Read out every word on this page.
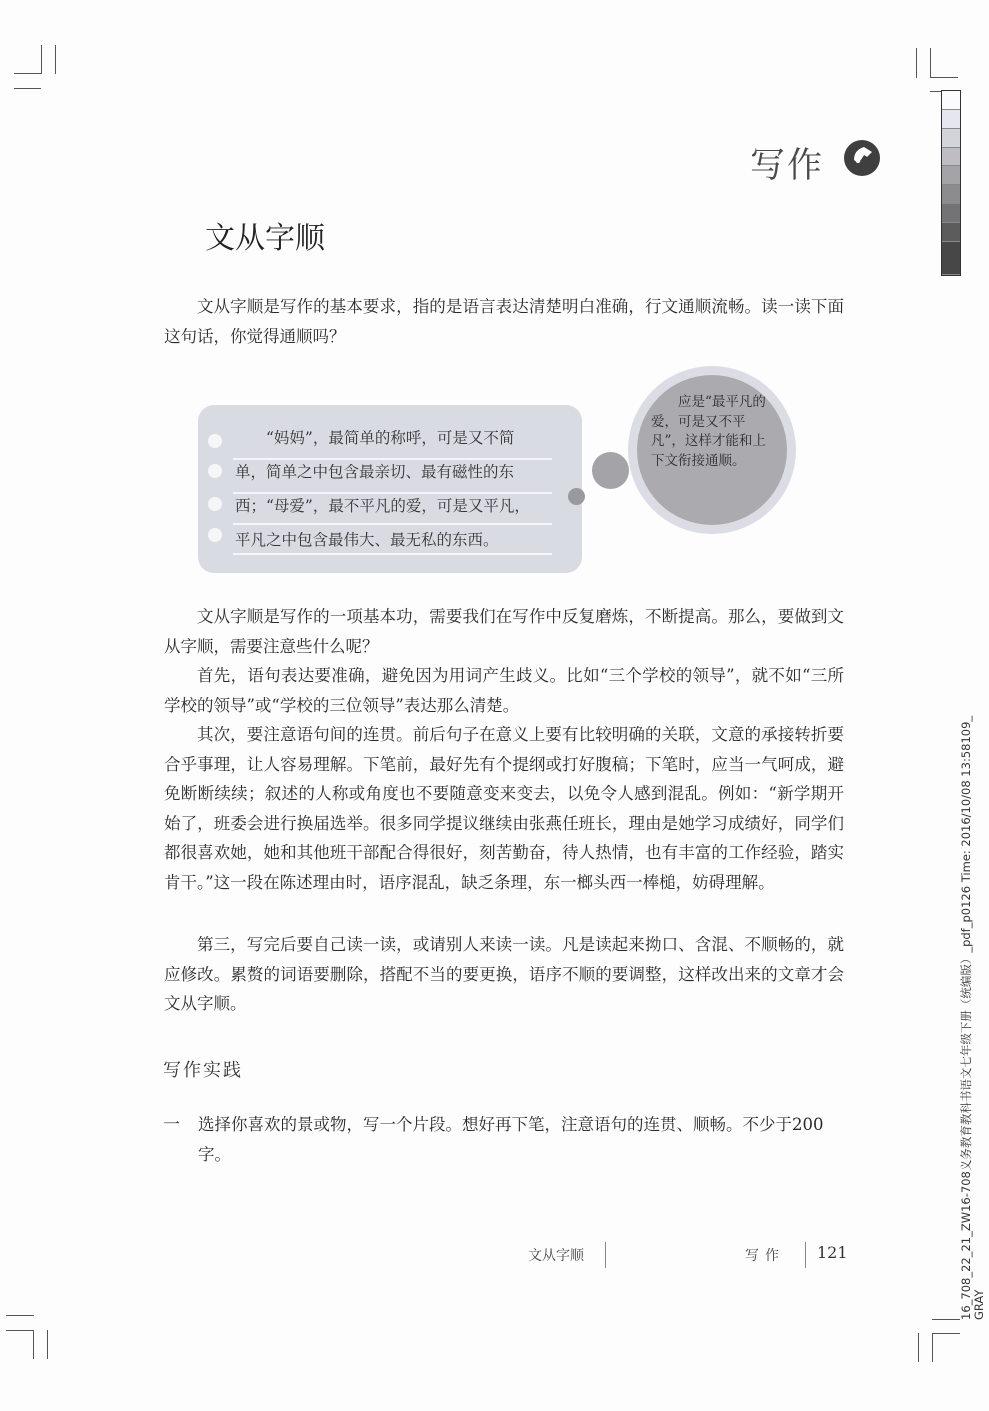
写作
文从字顺

文从字顺是写作的基本要求，指的是语言表达清楚明白准确，行文通顺流畅。读一读下面这句话，你觉得通顺吗？

“妈妈”，最简单的称呼，可是又不简单，简单之中包含最亲切、最有磁性的东西；“母爱”，最不平凡的爱，可是又平凡，平凡之中包含最伟大、最无私的东西。
应是“最平凡的爱，可是又不平凡”，这样才能和上下文衔接通顺。

文从字顺是写作的一项基本功，需要我们在写作中反复磨炼，不断提高。那么，要做到文从字顺，需要注意些什么呢？

首先，语句表达要准确，避免因为用词产生歧义。比如“三个学校的领导”，就不如“三所学校的领导”或“学校的三位领导”表达那么清楚。

其次，要注意语句间的连贯。前后句子在意义上要有比较明确的关联，文意的承接转折要合乎事理，让人容易理解。下笔前，最好先有个提纲或打好腹稿；下笔时，应当一气呵成，避免断断续续；叙述的人称或角度也不要随意变来变去，以免令人感到混乱。例如：“新学期开始了，班委会进行换届选举。很多同学提议继续由张燕任班长，理由是她学习成绩好，同学们都很喜欢她，她和其他班干部配合得很好，刻苦勤奋，待人热情，也有丰富的工作经验，踏实肯干。”这一段在陈述理由时，语序混乱，缺乏条理，东一榔头西一棒槌，妨碍理解。

第三，写完后要自己读一读，或请别人来读一读。凡是读起来拗口、含混、不顺畅的，就应修改。累赘的词语要删除，搭配不当的要更换，语序不顺的要调整，这样改出来的文章才会文从字顺。

写作实践
一 选择你喜欢的景或物，写一个片段。想好再下笔，注意语句的连贯、顺畅。不少于200字。
文从字顺	写作 121	16_708_22_21_ZW16-708义务教育教科书语文七年级下册（统编版）_pdf_p0126 Time: 2016/10/08 13:58109_ GRAY
